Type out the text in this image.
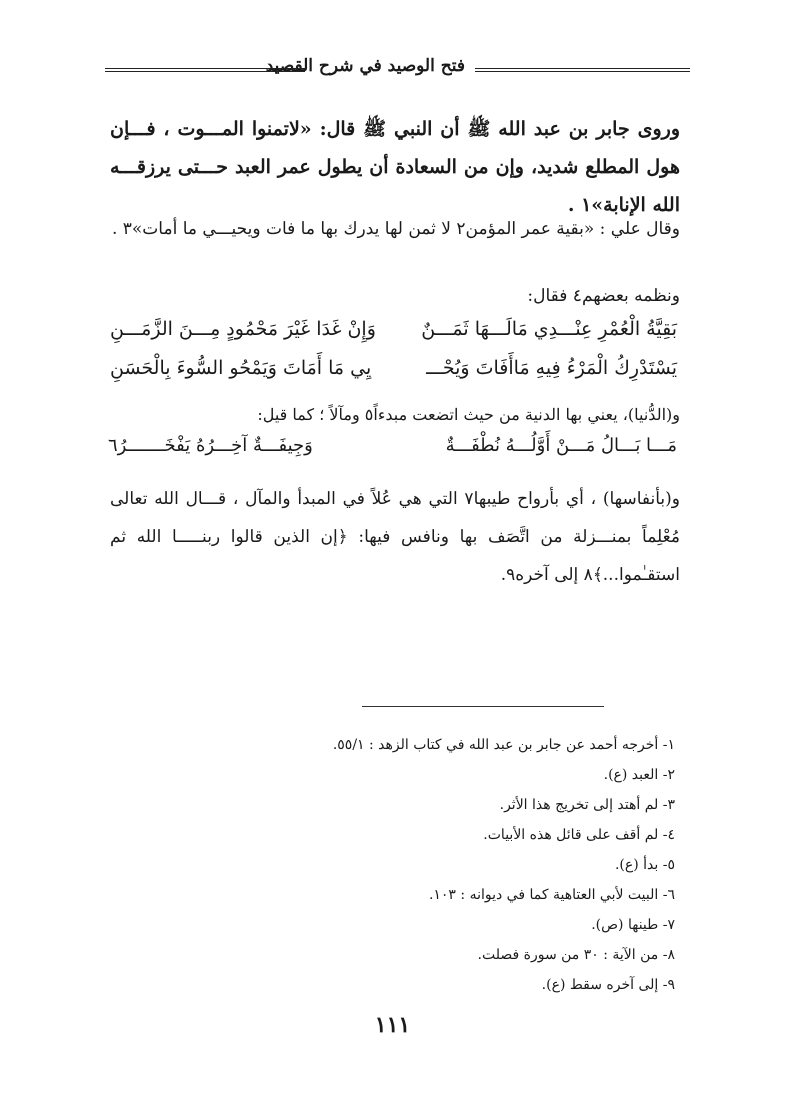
فتح الوصيد في شرح القصيد
وروى جابر بن عبد الله ﷺ أن النبي ﷺ قال: «لاتمنوا المـــوت ، فـــإن هول المطلع شديد، وإن من السعادة أن يطول عمر العبد حـــتى يرزقـــه الله الإنابة»١ .
وقال علي : «بقية عمر المؤمن٢ لا ثمن لها يدرك بها ما فات ويحيـــي ما أمات»٣ .
ونظمه بعضهم٤ فقال:
بَقِيَّةُ الْعُمْرِ عِنْـــدِي مَالَـــهَا ثَمَـــنٌ
وَإِنْ غَدَا غَيْرَ مَحْمُودٍ مِـــنَ الزَّمَـــنِ
يَسْتَدْرِكُ الْمَرْءُ فِيهِ مَاأَفَاتَ وَيُحْـــ
يِي مَا أَمَاتَ وَيَمْحُو السُّوءَ بِالْحَسَنِ
و(الدُّنيا)، يعني بها الدنية من حيث اتضعت مبدءاً٥ ومآلاً ؛ كما قيل:
مَـــا بَـــالُ مَـــنْ أَوَّلُـــهُ نُطْفَـــةٌ
وَجِيفَـــةٌ آخِـــرُهُ يَفْخَـــــــرُ٦
و(بأنفاسها) ، أي بأرواح طيبها٧ التي هي عُلاً في المبدأ والمآل ، قـــال الله تعالى مُعْلِماً بمنـــزلة من اتَّصَف بها ونافس فيها: ﴿إن الذين قالوا ربنـــــا الله ثم استقـٰموا...﴾٨ إلى آخره٩.
١- أخرجه أحمد عن جابر بن عبد الله في كتاب الزهد : ٥٥/١.
٢- العبد (ع).
٣- لم أهتد إلى تخريج هذا الأثر.
٤- لم أقف على قائل هذه الأبيات.
٥- بدأ (ع).
٦- البيت لأبي العتاهية كما في ديوانه : ١٠٣.
٧- طينها (ص).
٨- من الآية : ٣٠ من سورة فصلت.
٩- إلى آخره سقط (ع).
١١١
